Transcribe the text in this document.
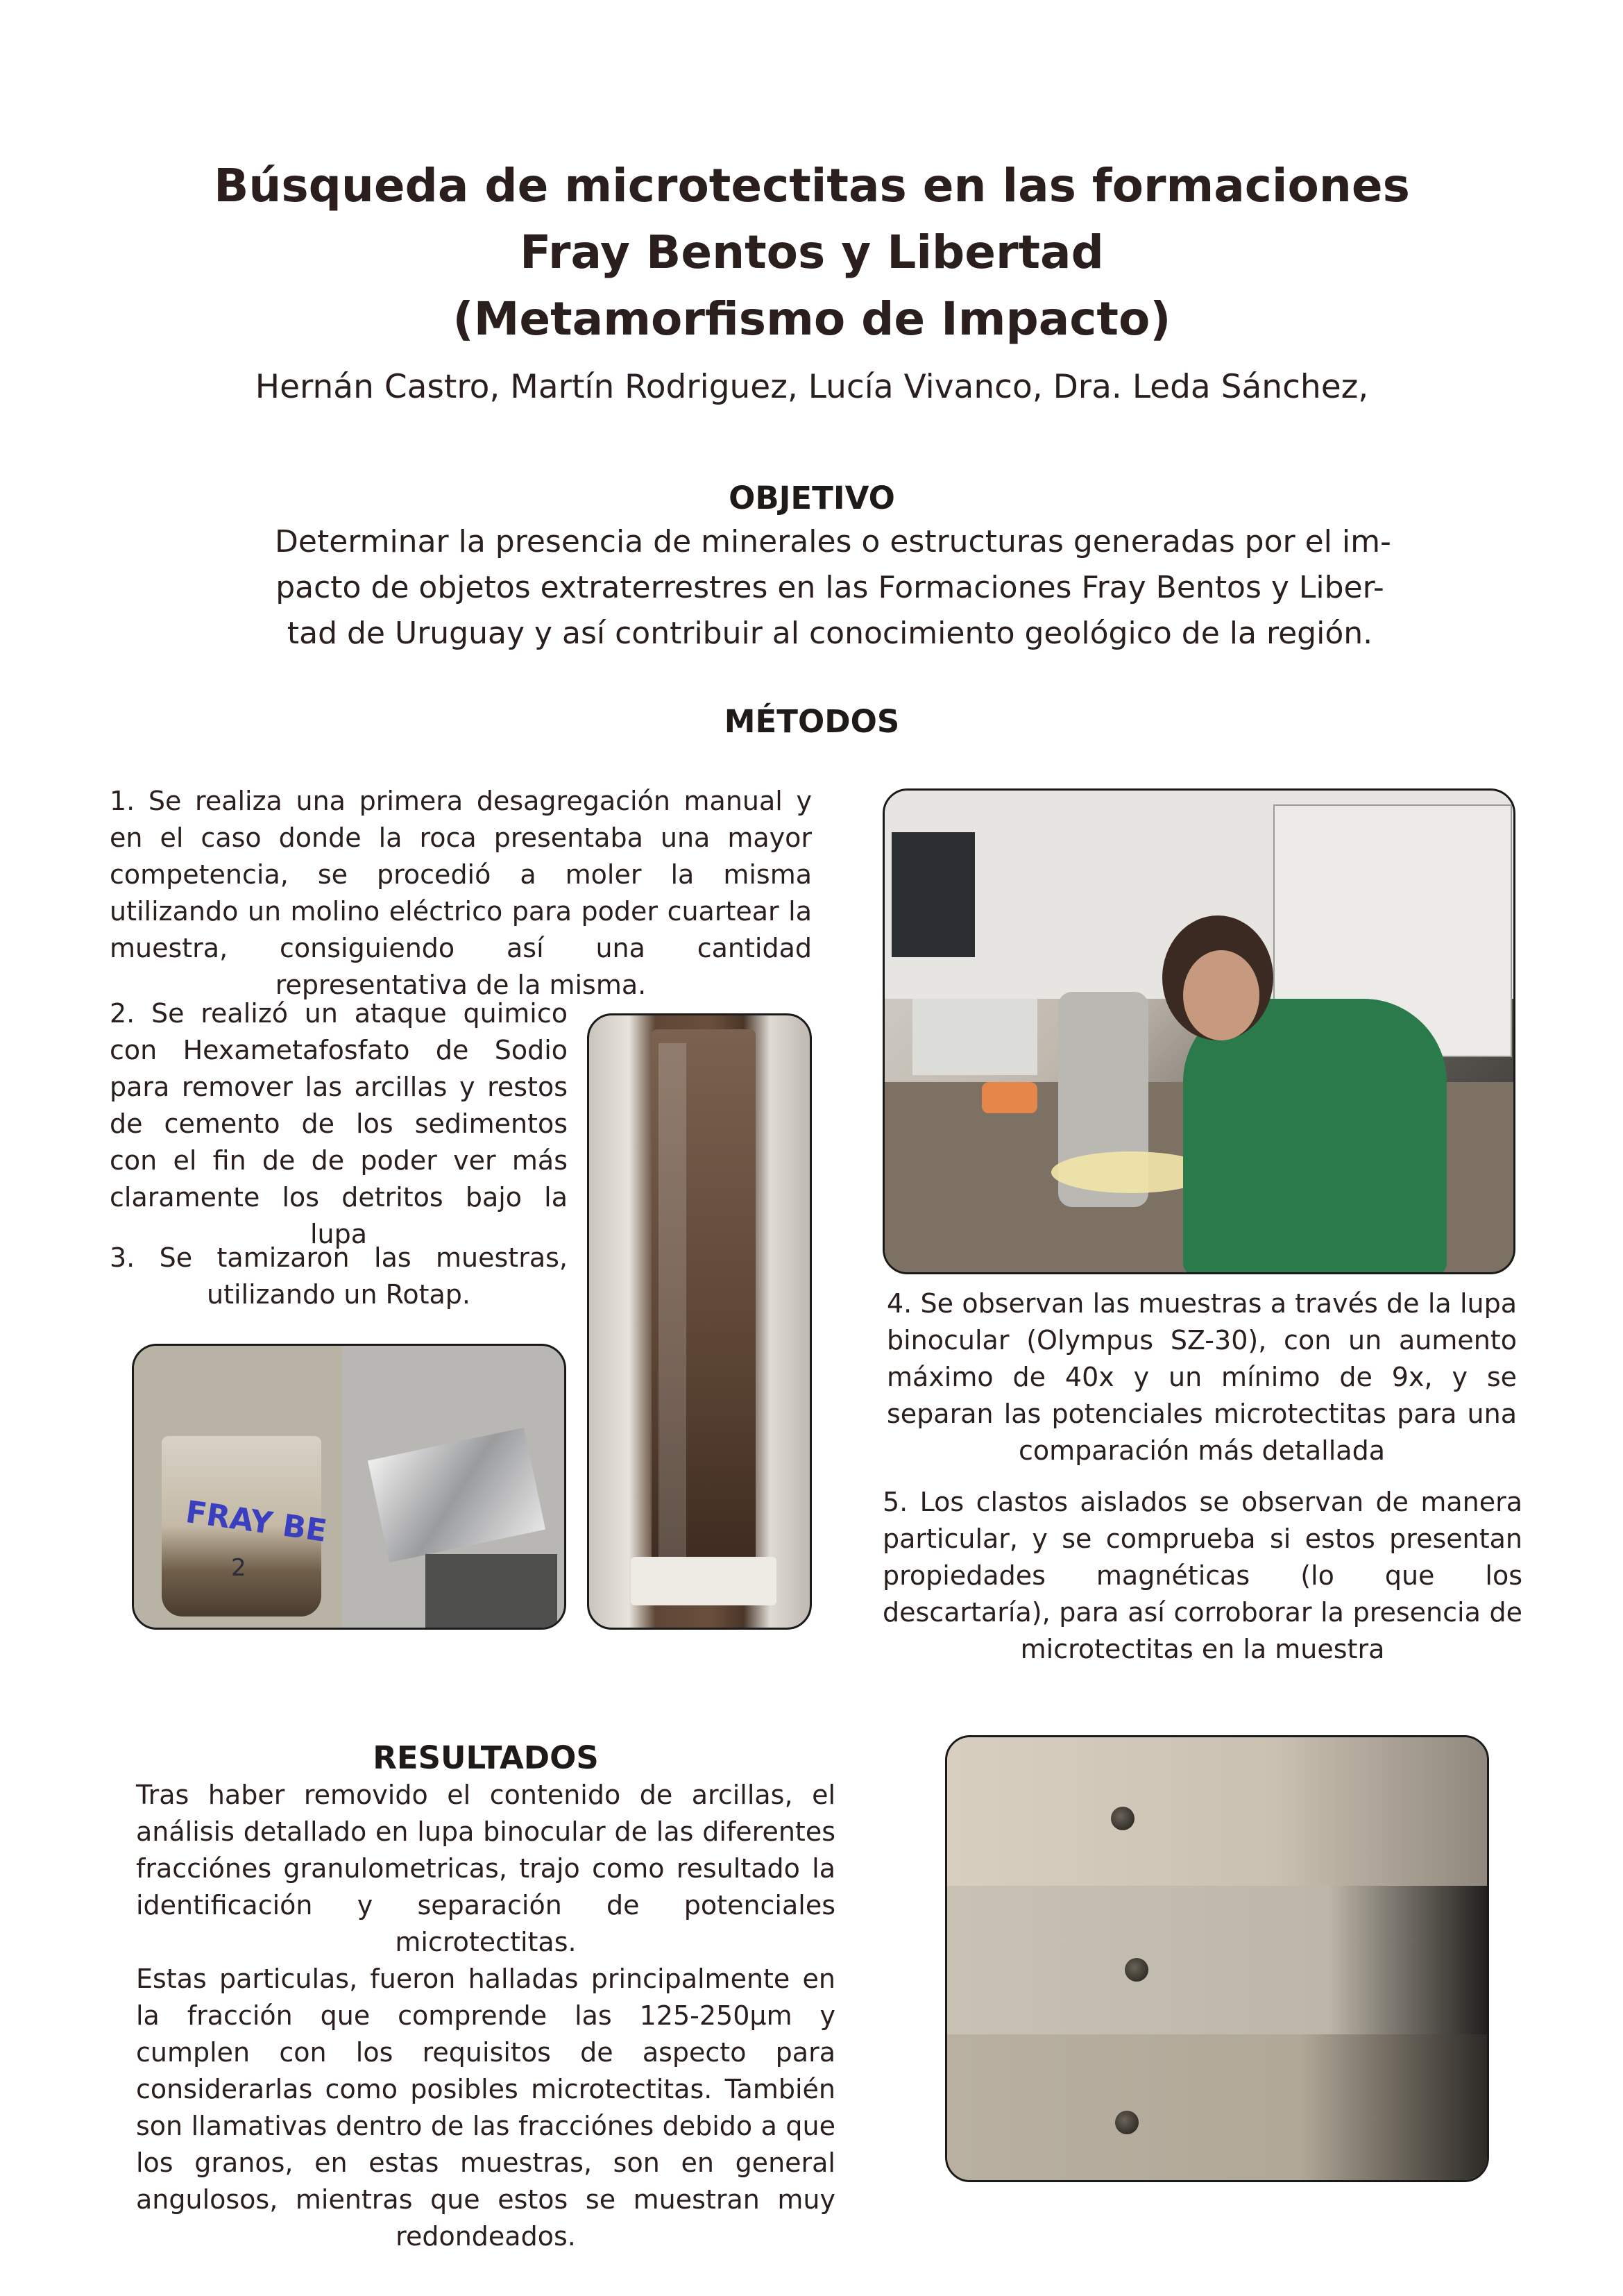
Búsqueda de microtectitas en las formaciones
Fray Bentos y Libertad
(Metamorfismo de Impacto)
Hernán Castro, Martín Rodriguez, Lucía Vivanco, Dra. Leda Sánchez,
OBJETIVO
Determinar la presencia de minerales o estructuras generadas por el im-
pacto de objetos extraterrestres en las Formaciones Fray Bentos y Liber-
tad de Uruguay y así contribuir al conocimiento geológico de la región.
MÉTODOS
1. Se realiza una primera desagregación manual y en el caso donde la roca presentaba una mayor competencia, se procedió a moler la misma utilizando un molino eléctrico para poder cuartear la muestra, consiguiendo así una cantidad representativa de la misma.
2. Se realizó un ataque quimico con Hexametafosfato de Sodio para remover las arcillas y restos de cemento de los sedimentos con el fin de de poder ver más claramente los detritos bajo la lupa
3. Se tamizaron las muestras, utilizando un Rotap.
FRAY BE
2
4. Se observan las muestras a través de la lupa binocular (Olympus SZ-30), con un aumento máximo de 40x y un mínimo de 9x, y se separan las potenciales microtectitas para una comparación más detallada
5. Los clastos aislados se observan de manera particular, y se comprueba si estos presentan propiedades magnéticas (lo que los descartaría), para así corroborar la presencia de microtectitas en la muestra
RESULTADOS

Tras haber removido el contenido de arcillas, el análisis detallado en lupa binocular de las diferentes fracciónes granulometricas, trajo como resultado la identificación y separación de potenciales microtectitas.

Estas particulas, fueron halladas principalmente en la fracción que comprende las 125-250µm y cumplen con los requisitos de aspecto para considerarlas como posibles microtectitas. También son llamativas dentro de las fracciónes debido a que los granos, en estas muestras, son en general angulosos, mientras que estos se muestran muy redondeados.
